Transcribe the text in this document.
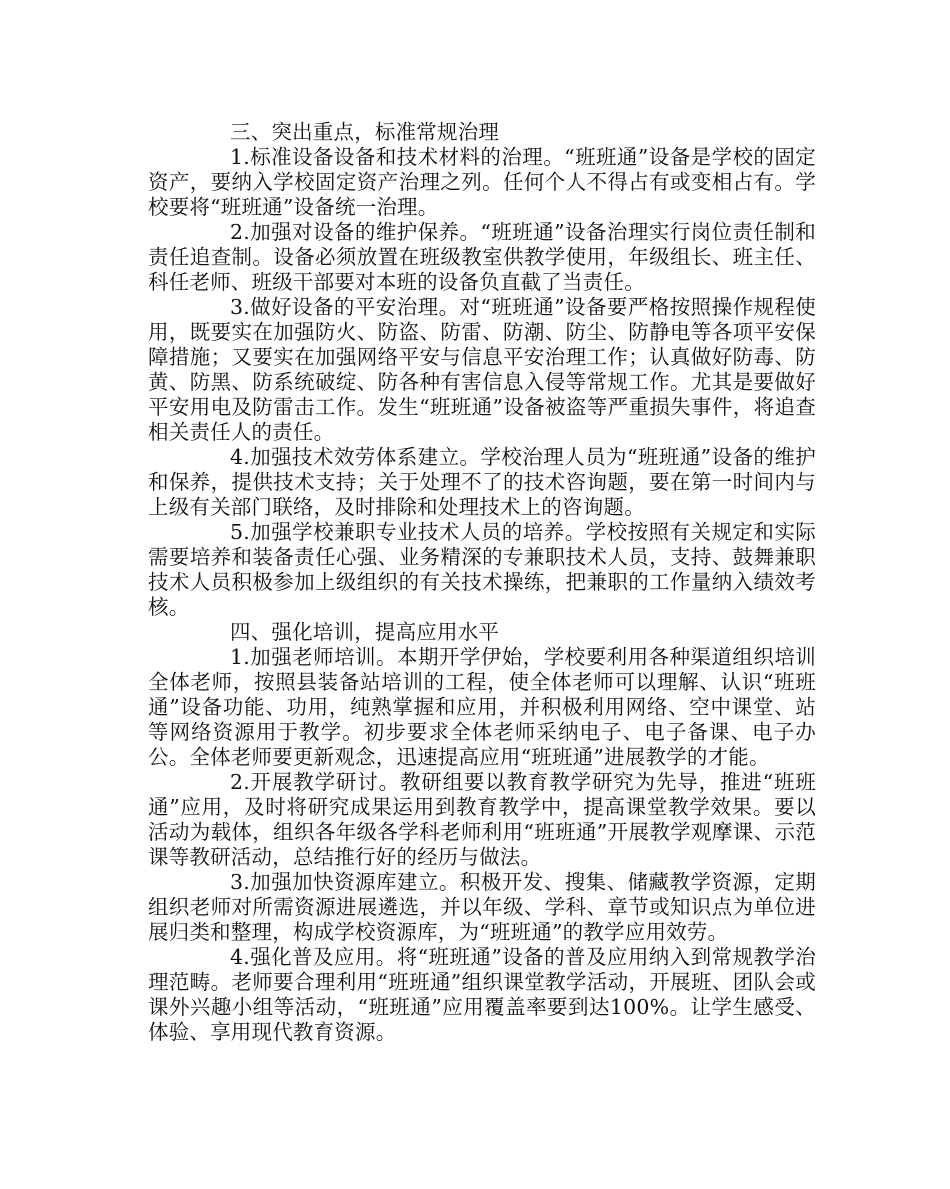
三、突出重点，标准常规治理

1.标准设备设备和技术材料的治理。“班班通”设备是学校的固定资产，要纳入学校固定资产治理之列。任何个人不得占有或变相占有。学校要将“班班通”设备统一治理。

2.加强对设备的维护保养。“班班通”设备治理实行岗位责任制和责任追查制。设备必须放置在班级教室供教学使用，年级组长、班主任、科任老师、班级干部要对本班的设备负直截了当责任。

3.做好设备的平安治理。对“班班通”设备要严格按照操作规程使用，既要实在加强防火、防盗、防雷、防潮、防尘、防静电等各项平安保障措施；又要实在加强网络平安与信息平安治理工作；认真做好防毒、防黄、防黑、防系统破绽、防各种有害信息入侵等常规工作。尤其是要做好平安用电及防雷击工作。发生“班班通”设备被盗等严重损失事件，将追查相关责任人的责任。

4.加强技术效劳体系建立。学校治理人员为“班班通”设备的维护和保养，提供技术支持；关于处理不了的技术咨询题，要在第一时间内与上级有关部门联络，及时排除和处理技术上的咨询题。

5.加强学校兼职专业技术人员的培养。学校按照有关规定和实际需要培养和装备责任心强、业务精深的专兼职技术人员，支持、鼓舞兼职技术人员积极参加上级组织的有关技术操练，把兼职的工作量纳入绩效考核。

四、强化培训，提高应用水平

1.加强老师培训。本期开学伊始，学校要利用各种渠道组织培训全体老师，按照县装备站培训的工程，使全体老师可以理解、认识“班班通”设备功能、功用，纯熟掌握和应用，并积极利用网络、空中课堂、站等网络资源用于教学。初步要求全体老师采纳电子、电子备课、电子办公。全体老师要更新观念，迅速提高应用“班班通”进展教学的才能。

2.开展教学研讨。教研组要以教育教学研究为先导，推进“班班通”应用，及时将研究成果运用到教育教学中，提高课堂教学效果。要以活动为载体，组织各年级各学科老师利用“班班通”开展教学观摩课、示范课等教研活动，总结推行好的经历与做法。

3.加强加快资源库建立。积极开发、搜集、储藏教学资源，定期组织老师对所需资源进展遴选，并以年级、学科、章节或知识点为单位进展归类和整理，构成学校资源库，为“班班通”的教学应用效劳。

4.强化普及应用。将“班班通”设备的普及应用纳入到常规教学治理范畴。老师要合理利用“班班通”组织课堂教学活动，开展班、团队会或课外兴趣小组等活动，“班班通”应用覆盖率要到达100%。让学生感受、体验、享用现代教育资源。
